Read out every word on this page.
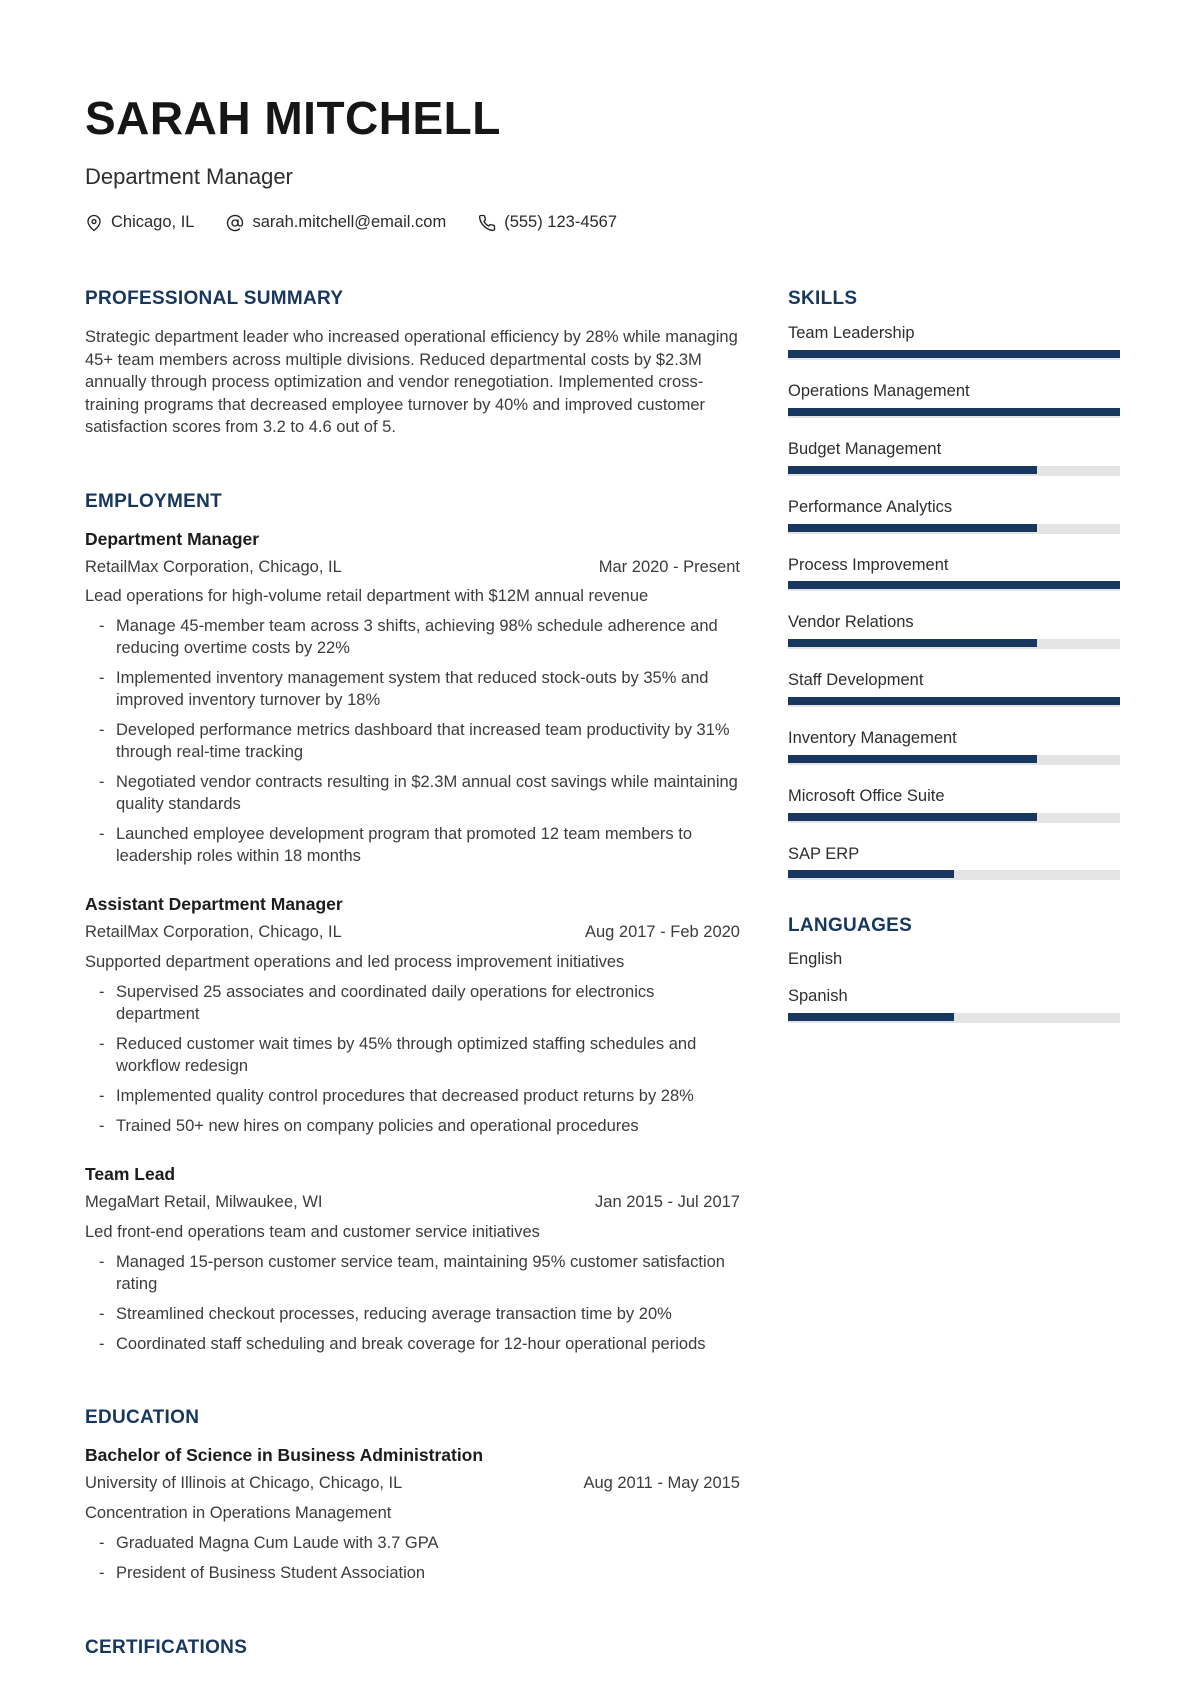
SARAH MITCHELL
Department Manager
Chicago, IL	sarah.mitchell@email.com	(555) 123-4567
PROFESSIONAL SUMMARY

Strategic department leader who increased operational efficiency by 28% while managing 45+ team members across multiple divisions. Reduced departmental costs by $2.3M annually through process optimization and vendor renegotiation. Implemented cross-training programs that decreased employee turnover by 40% and improved customer satisfaction scores from 3.2 to 4.6 out of 5.

EMPLOYMENT
Department Manager
RetailMax Corporation, Chicago, IL	Mar 2020 - Present
Lead operations for high-volume retail department with $12M annual revenue
- Manage 45-member team across 3 shifts, achieving 98% schedule adherence and reducing overtime costs by 22%
- Implemented inventory management system that reduced stock-outs by 35% and improved inventory turnover by 18%
- Developed performance metrics dashboard that increased team productivity by 31% through real-time tracking
- Negotiated vendor contracts resulting in $2.3M annual cost savings while maintaining quality standards
- Launched employee development program that promoted 12 team members to leadership roles within 18 months
Assistant Department Manager
RetailMax Corporation, Chicago, IL	Aug 2017 - Feb 2020
Supported department operations and led process improvement initiatives
- Supervised 25 associates and coordinated daily operations for electronics department
- Reduced customer wait times by 45% through optimized staffing schedules and workflow redesign
- Implemented quality control procedures that decreased product returns by 28%
- Trained 50+ new hires on company policies and operational procedures
Team Lead
MegaMart Retail, Milwaukee, WI	Jan 2015 - Jul 2017
Led front-end operations team and customer service initiatives
- Managed 15-person customer service team, maintaining 95% customer satisfaction rating
- Streamlined checkout processes, reducing average transaction time by 20%
- Coordinated staff scheduling and break coverage for 12-hour operational periods
EDUCATION
Bachelor of Science in Business Administration
University of Illinois at Chicago, Chicago, IL	Aug 2011 - May 2015
Concentration in Operations Management
- Graduated Magna Cum Laude with 3.7 GPA
- President of Business Student Association
CERTIFICATIONS
SKILLS
Team Leadership
Operations Management
Budget Management
Performance Analytics
Process Improvement
Vendor Relations
Staff Development
Inventory Management
Microsoft Office Suite
SAP ERP
LANGUAGES
English
Spanish
